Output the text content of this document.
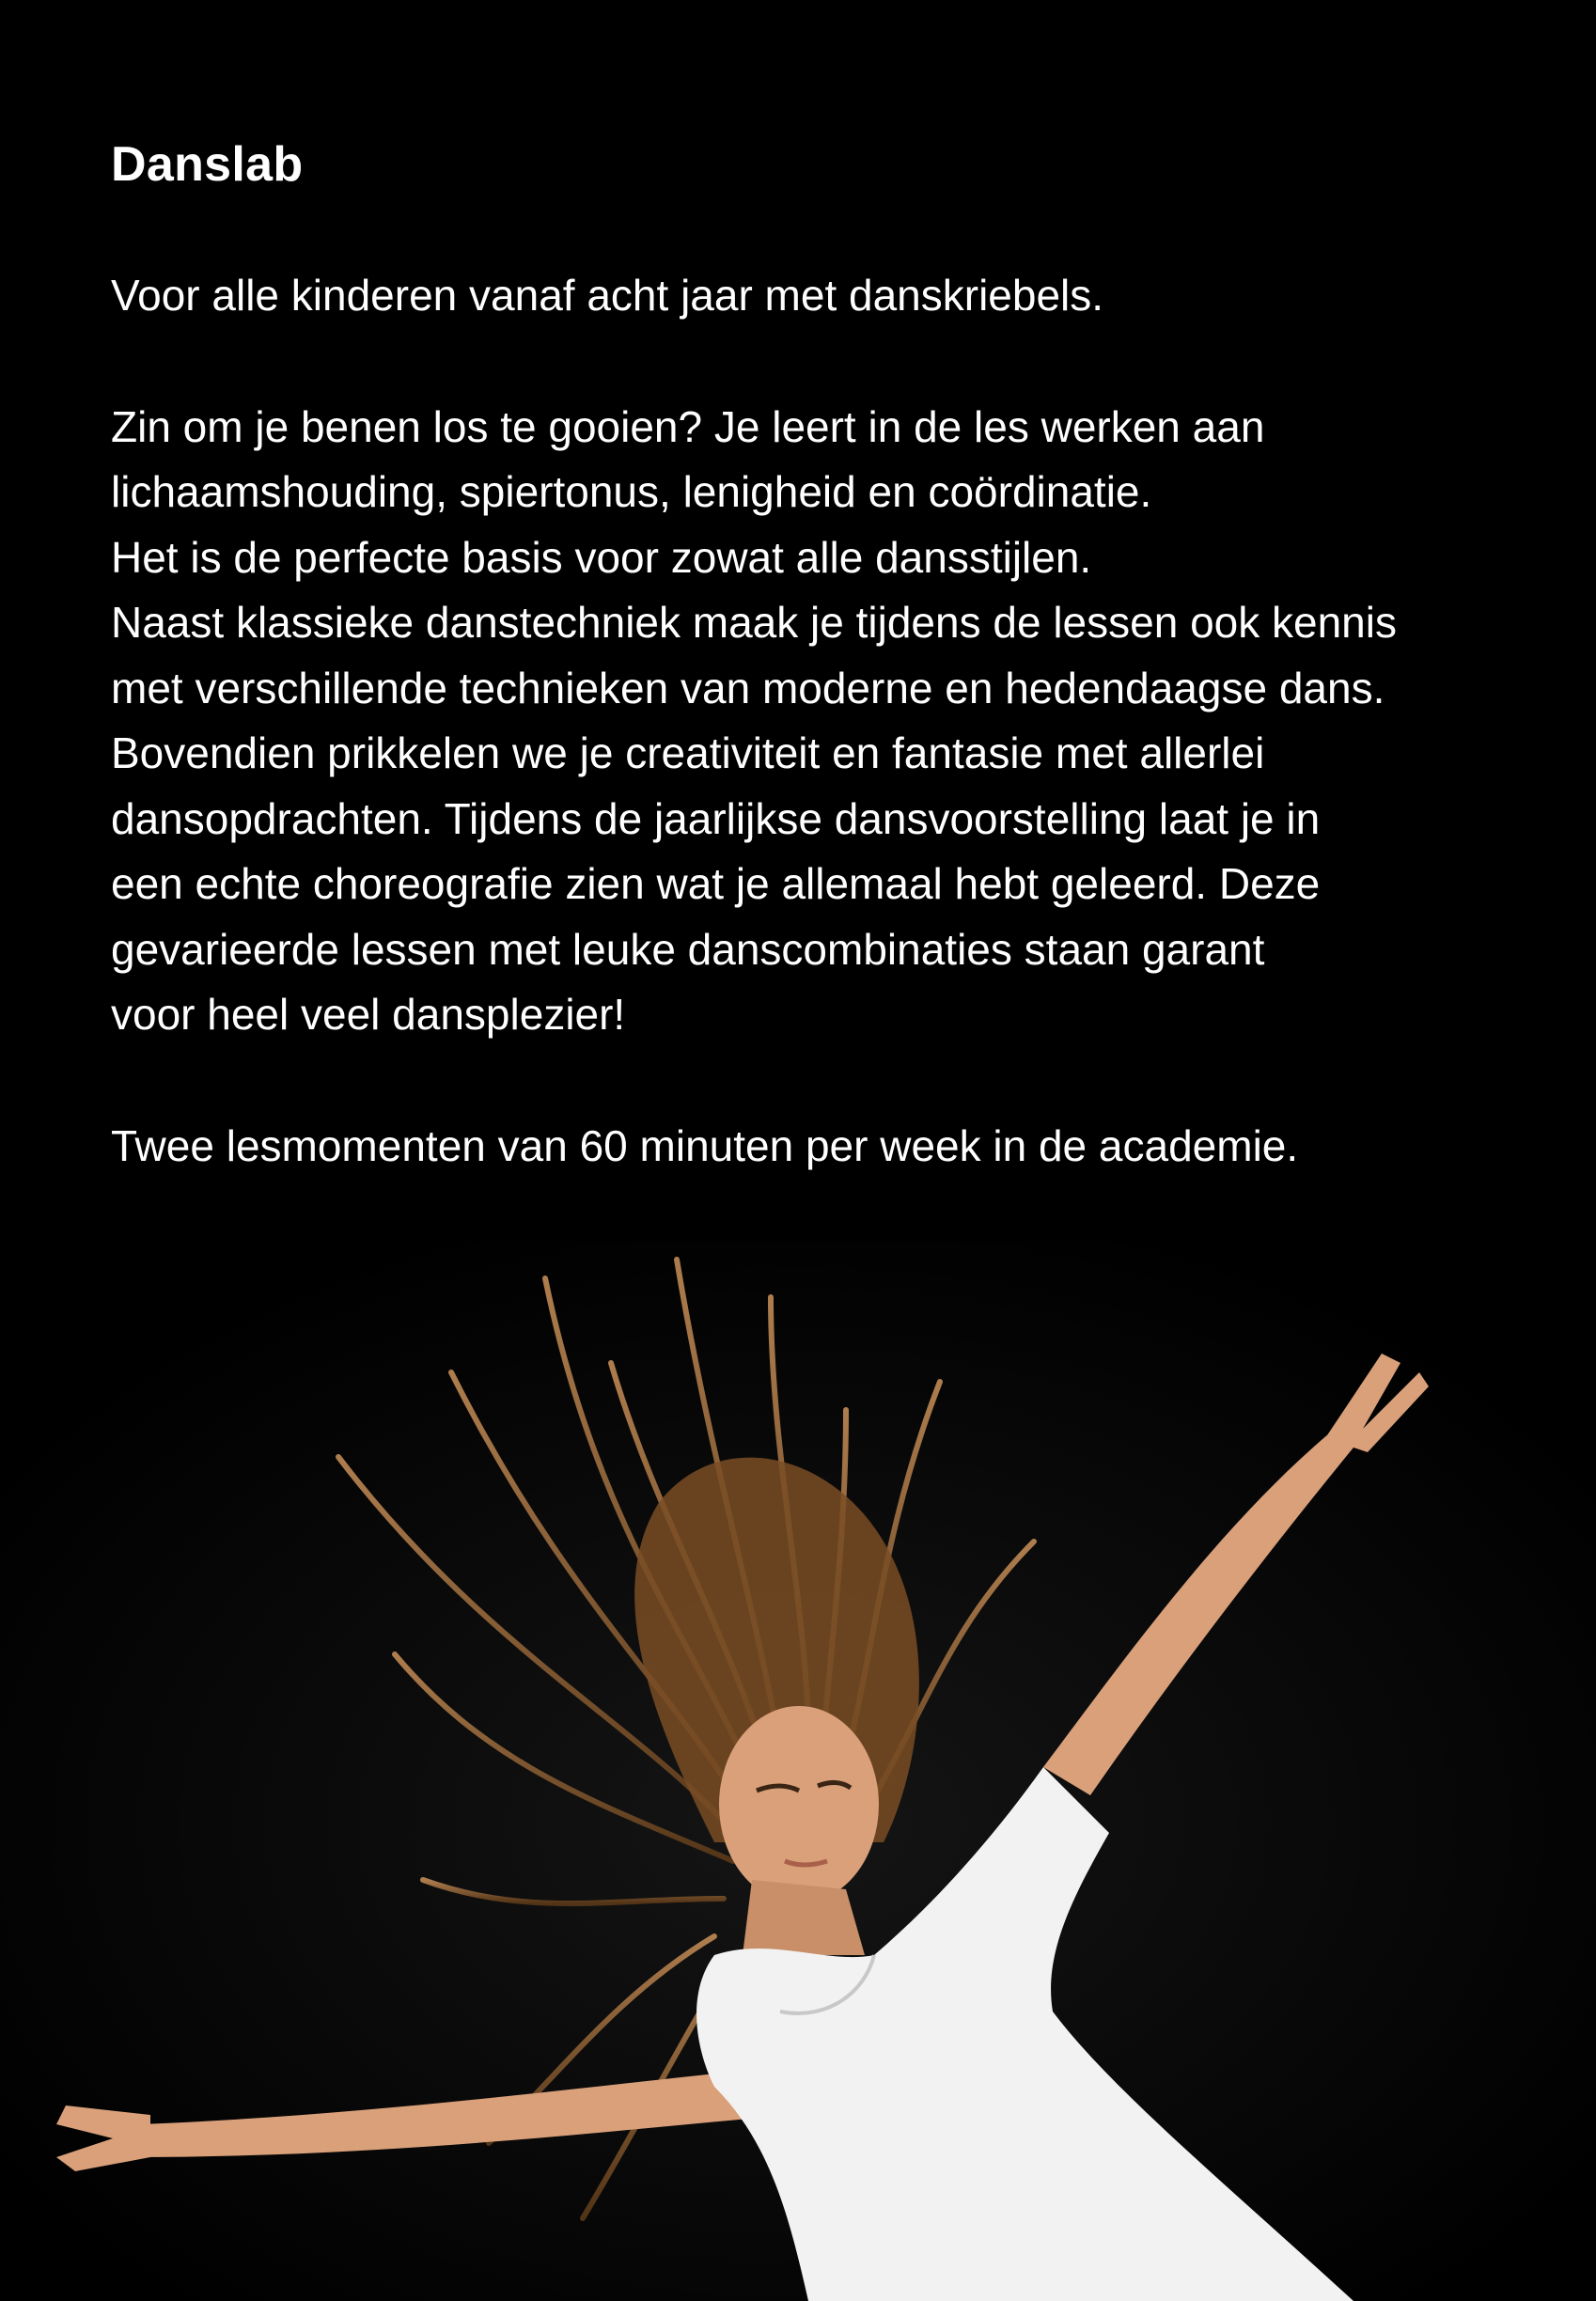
Danslab

Voor alle kinderen vanaf acht jaar met danskriebels.

Zin om je benen los te gooien? Je leert in de les werken aan
lichaamshouding, spiertonus, lenigheid en coördinatie.
Het is de perfecte basis voor zowat alle dansstijlen.
Naast klassieke danstechniek maak je tijdens de lessen ook kennis
met verschillende technieken van moderne en hedendaagse dans.
Bovendien prikkelen we je creativiteit en fantasie met allerlei
dansopdrachten. Tijdens de jaarlijkse dansvoorstelling laat je in
een echte choreografie zien wat je allemaal hebt geleerd. Deze
gevarieerde lessen met leuke danscombinaties staan garant
voor heel veel dansplezier!

Twee lesmomenten van 60 minuten per week in de academie.
